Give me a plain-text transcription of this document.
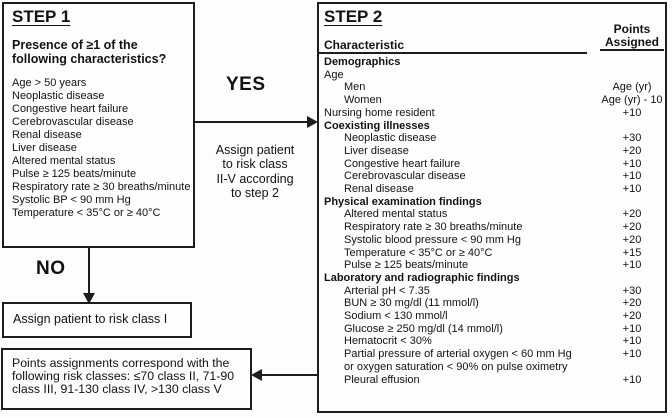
STEP 1
Presence of ≥1 of the
following characteristics?
Age > 50 years
Neoplastic disease
Congestive heart failure
Cerebrovascular disease
Renal disease
Liver disease
Altered mental status
Pulse ≥ 125 beats/minute
Respiratory rate ≥ 30 breaths/minute
Systolic BP < 90 mm Hg
Temperature < 35°C or ≥ 40°C
YES
Assign patient
to risk class
II-V according
to step 2
NO
Assign patient to risk class I
Points assignments correspond with the
following risk classes: ≤70 class II, 71-90
class III, 91-130 class IV, >130 class V
STEP 2
Characteristic
Points
Assigned
Demographics
Age
Men	Age (yr)
Women	Age (yr) - 10
Nursing home resident	+10
Coexisting illnesses
Neoplastic disease	+30
Liver disease	+20
Congestive heart failure	+10
Cerebrovascular disease	+10
Renal disease	+10
Physical examination findings
Altered mental status	+20
Respiratory rate ≥ 30 breaths/minute	+20
Systolic blood pressure < 90 mm Hg	+20
Temperature < 35°C or ≥ 40°C	+15
Pulse ≥ 125 beats/minute	+10
Laboratory and radiographic findings
Arterial pH < 7.35	+30
BUN ≥ 30 mg/dl (11 mmol/l)	+20
Sodium < 130 mmol/l	+20
Glucose ≥ 250 mg/dl (14 mmol/l)	+10
Hematocrit < 30%	+10
Partial pressure of arterial oxygen < 60 mm Hg	+10
or oxygen saturation < 90% on pulse oximetry
Pleural effusion	+10
